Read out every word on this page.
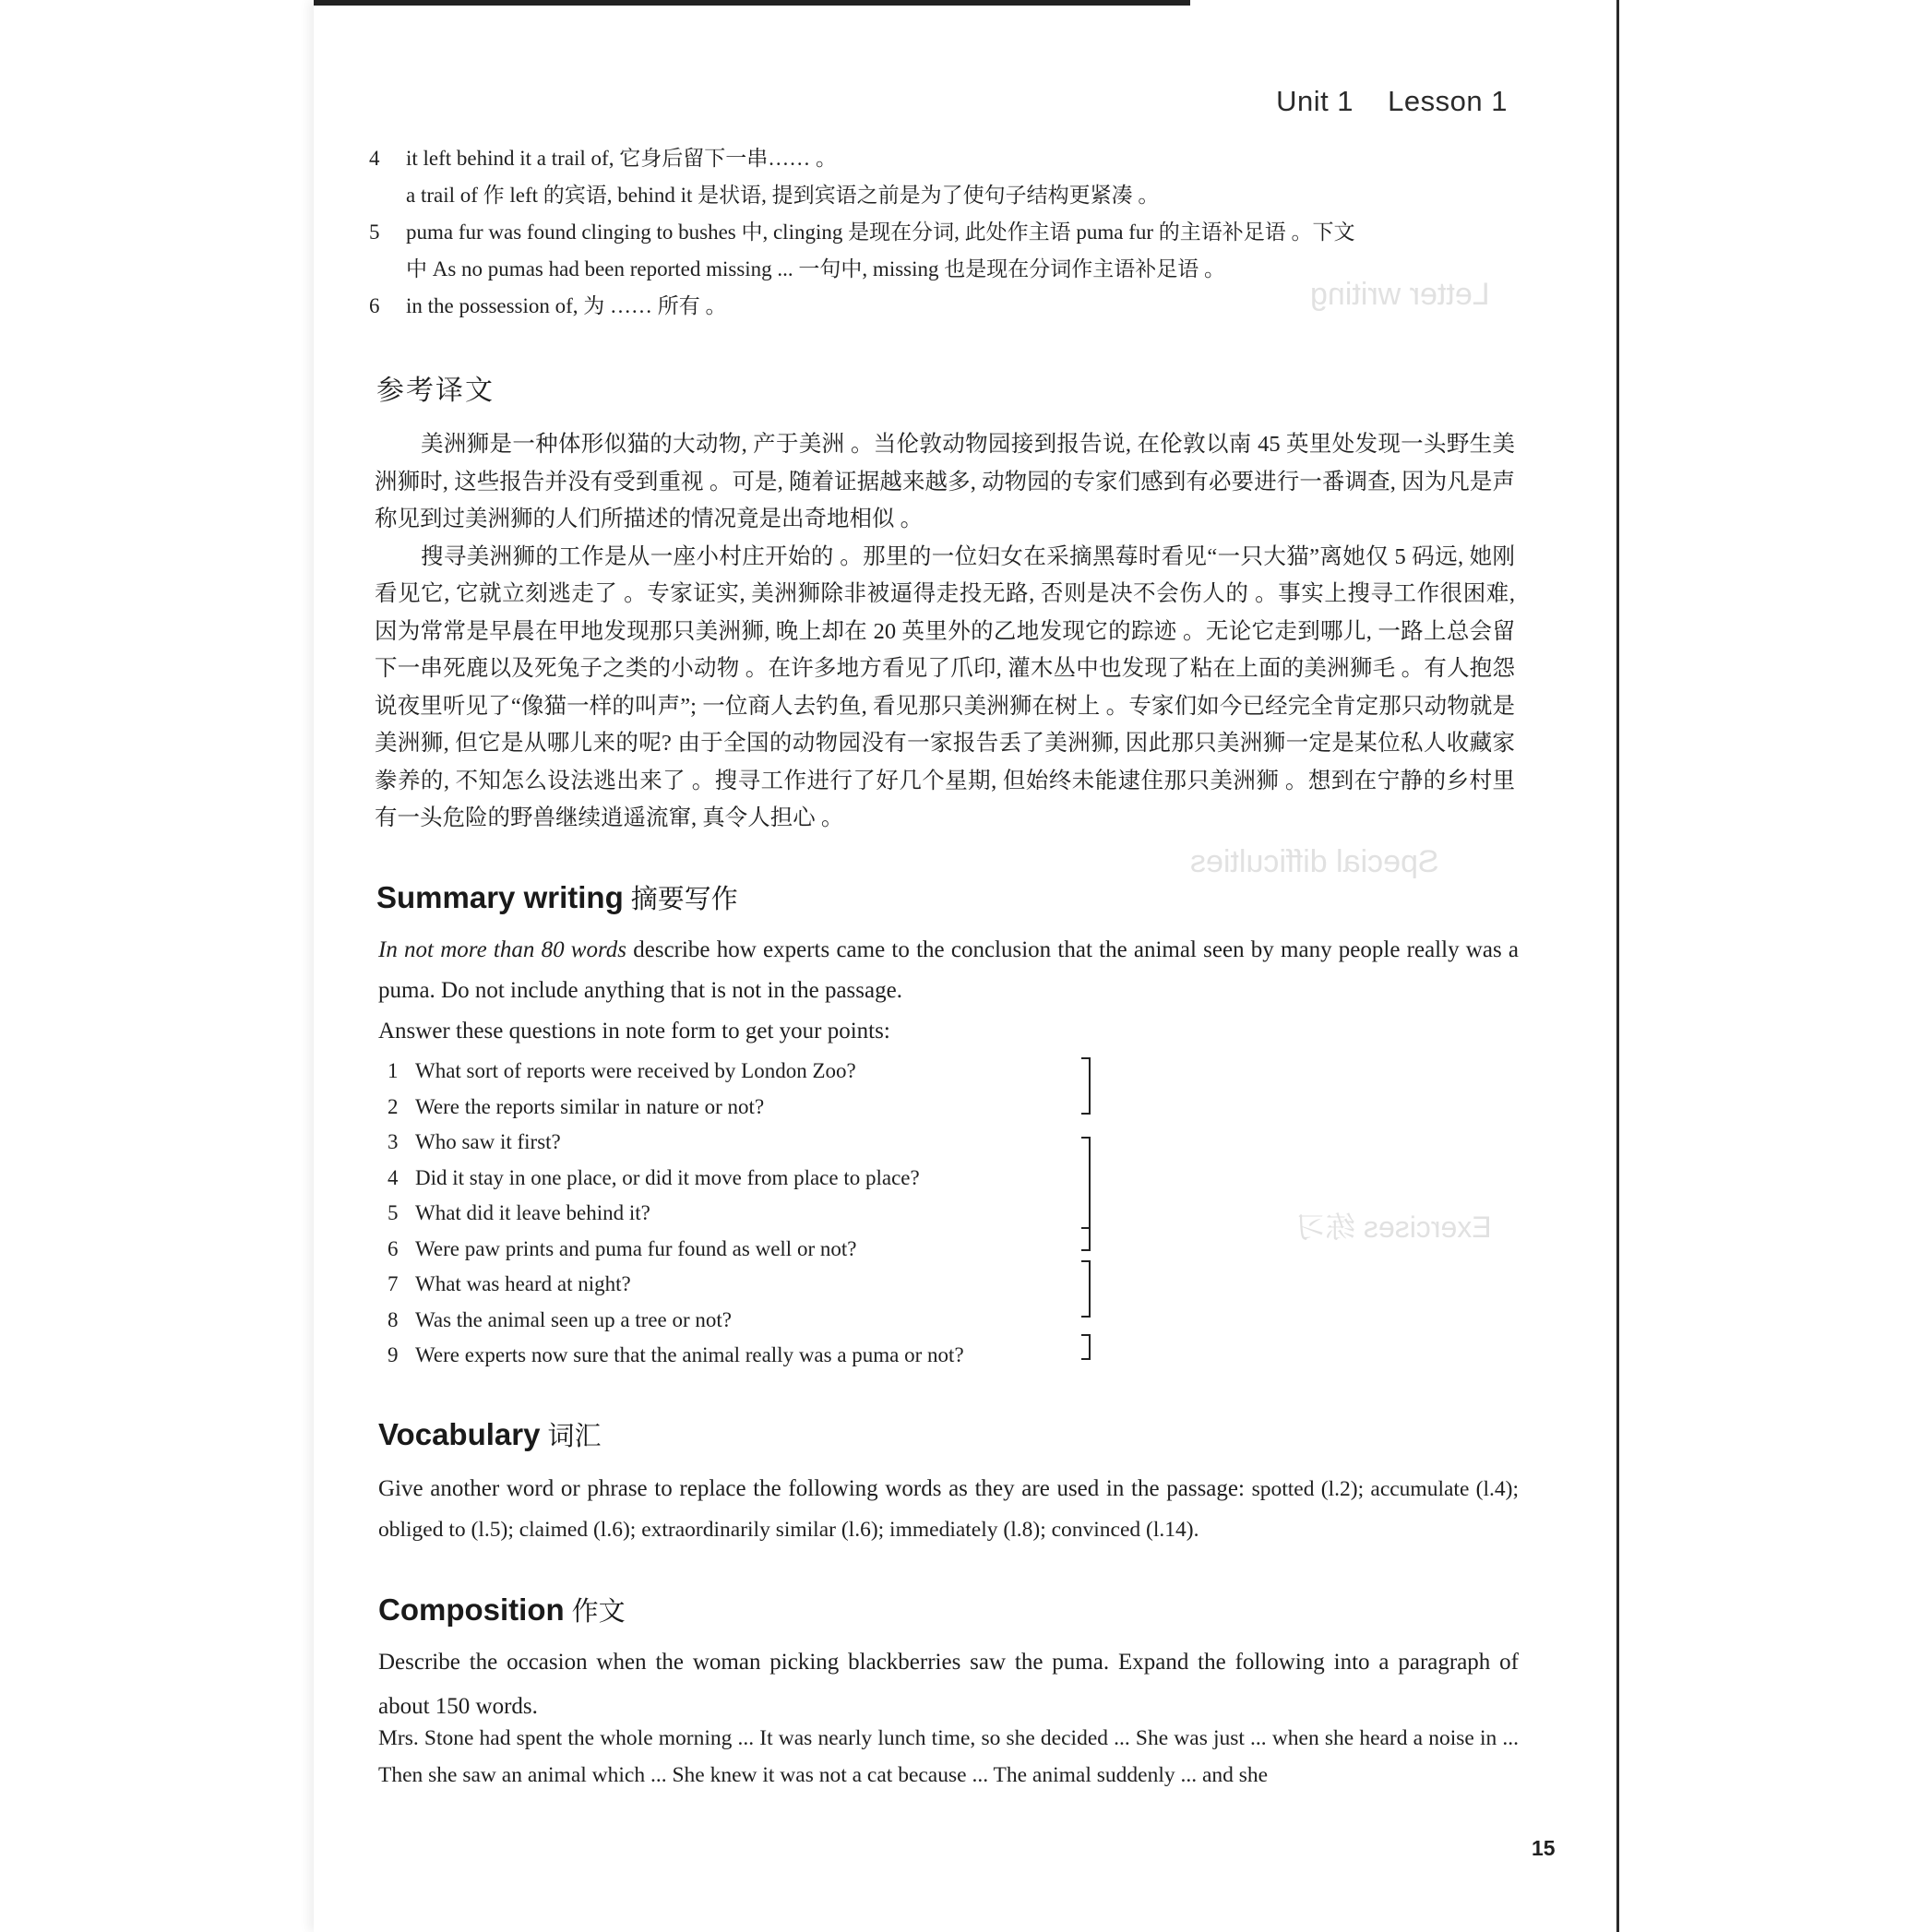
Letter writing
Special difficulties
Exercises 练习
Unit 1 Lesson 1
4	it left behind it a trail of, 它身后留下一串…… 。
a trail of 作 left 的宾语, behind it 是状语, 提到宾语之前是为了使句子结构更紧凑 。
5	puma fur was found clinging to bushes 中, clinging 是现在分词, 此处作主语 puma fur 的主语补足语 。下文
中 As no pumas had been reported missing ... 一句中, missing 也是现在分词作主语补足语 。
6	in the possession of, 为 …… 所有 。
参考译文

美洲狮是一种体形似猫的大动物, 产于美洲 。当伦敦动物园接到报告说, 在伦敦以南 45 英里处发现一头野生美洲狮时, 这些报告并没有受到重视 。可是, 随着证据越来越多, 动物园的专家们感到有必要进行一番调查, 因为凡是声称见到过美洲狮的人们所描述的情况竟是出奇地相似 。

搜寻美洲狮的工作是从一座小村庄开始的 。那里的一位妇女在采摘黑莓时看见“一只大猫”离她仅 5 码远, 她刚看见它, 它就立刻逃走了 。专家证实, 美洲狮除非被逼得走投无路, 否则是决不会伤人的 。事实上搜寻工作很困难, 因为常常是早晨在甲地发现那只美洲狮, 晚上却在 20 英里外的乙地发现它的踪迹 。无论它走到哪儿, 一路上总会留下一串死鹿以及死兔子之类的小动物 。在许多地方看见了爪印, 灌木丛中也发现了粘在上面的美洲狮毛 。有人抱怨说夜里听见了“像猫一样的叫声”; 一位商人去钓鱼, 看见那只美洲狮在树上 。专家们如今已经完全肯定那只动物就是美洲狮, 但它是从哪儿来的呢? 由于全国的动物园没有一家报告丢了美洲狮, 因此那只美洲狮一定是某位私人收藏家豢养的, 不知怎么设法逃出来了 。搜寻工作进行了好几个星期, 但始终未能逮住那只美洲狮 。想到在宁静的乡村里有一头危险的野兽继续逍遥流窜, 真令人担心 。

Summary writing 摘要写作
In not more than 80 words describe how experts came to the conclusion that the animal seen by many people really was a puma. Do not include anything that is not in the passage.
Answer these questions in note form to get your points:
1 What sort of reports were received by London Zoo?
2 Were the reports similar in nature or not?
3 Who saw it first?
4 Did it stay in one place, or did it move from place to place?
5 What did it leave behind it?
6 Were paw prints and puma fur found as well or not?
7 What was heard at night?
8 Was the animal seen up a tree or not?
9 Were experts now sure that the animal really was a puma or not?
Vocabulary 词汇
Give another word or phrase to replace the following words as they are used in the passage: spotted (l.2); accumulate (l.4); obliged to (l.5); claimed (l.6); extraordinarily similar (l.6); immediately (l.8); convinced (l.14).
Composition 作文
Describe the occasion when the woman picking blackberries saw the puma. Expand the following into a paragraph of about 150 words.
Mrs. Stone had spent the whole morning ... It was nearly lunch time, so she decided ... She was just ... when she heard a noise in ... Then she saw an animal which ... She knew it was not a cat because ... The animal suddenly ... and she
15
